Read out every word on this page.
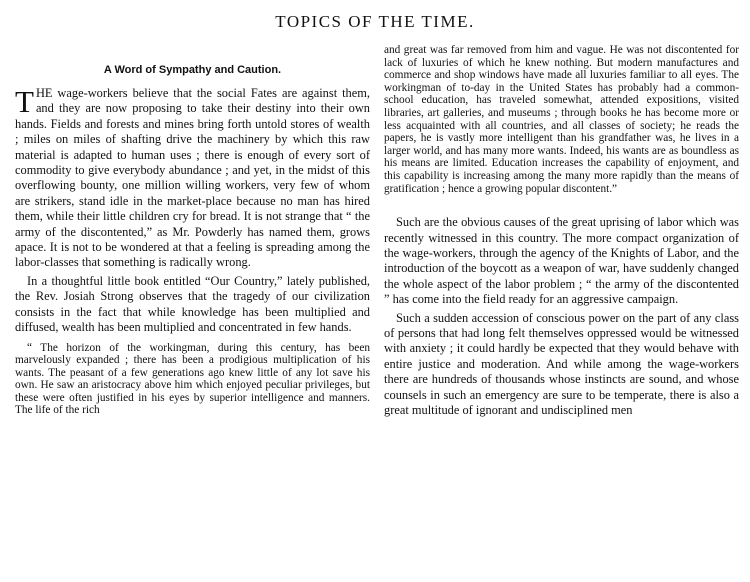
TOPICS OF THE TIME.
A Word of Sympathy and Caution.

THE wage-workers believe that the social Fates are against them, and they are now proposing to take their destiny into their own hands. Fields and forests and mines bring forth untold stores of wealth ; miles on miles of shafting drive the machinery by which this raw material is adapted to human uses ; there is enough of every sort of commodity to give everybody abundance ; and yet, in the midst of this overflowing bounty, one million willing workers, very few of whom are strikers, stand idle in the market-place because no man has hired them, while their little children cry for bread. It is not strange that “ the army of the discontented,” as Mr. Powderly has named them, grows apace. It is not to be wondered at that a feeling is spreading among the labor-classes that something is radically wrong.

In a thoughtful little book entitled “Our Country,” lately published, the Rev. Josiah Strong observes that the tragedy of our civilization consists in the fact that while knowledge has been multiplied and diffused, wealth has been multiplied and concentrated in few hands.

“ The horizon of the workingman, during this century, has been marvelously expanded ; there has been a prodigious multiplication of his wants. The peasant of a few generations ago knew little of any lot save his own. He saw an aristocracy above him which enjoyed peculiar privileges, but these were often justified in his eyes by superior intelligence and manners. The life of the rich

and great was far removed from him and vague. He was not discontented for lack of luxuries of which he knew nothing. But modern manufactures and commerce and shop windows have made all luxuries familiar to all eyes. The workingman of to-day in the United States has probably had a common-school education, has traveled somewhat, attended expositions, visited libraries, art galleries, and museums ; through books he has become more or less acquainted with all countries, and all classes of society; he reads the papers, he is vastly more intelligent than his grandfather was, he lives in a larger world, and has many more wants. Indeed, his wants are as boundless as his means are limited. Education increases the capability of enjoyment, and this capability is increasing among the many more rapidly than the means of gratification ; hence a growing popular discontent.”

Such are the obvious causes of the great uprising of labor which was recently witnessed in this country. The more compact organization of the wage-workers, through the agency of the Knights of Labor, and the introduction of the boycott as a weapon of war, have suddenly changed the whole aspect of the labor problem ; “ the army of the discontented ” has come into the field ready for an aggressive campaign.

Such a sudden accession of conscious power on the part of any class of persons that had long felt themselves oppressed would be witnessed with anxiety ; it could hardly be expected that they would behave with entire justice and moderation. And while among the wage-workers there are hundreds of thousands whose instincts are sound, and whose counsels in such an emergency are sure to be temperate, there is also a great multitude of ignorant and undisciplined men
